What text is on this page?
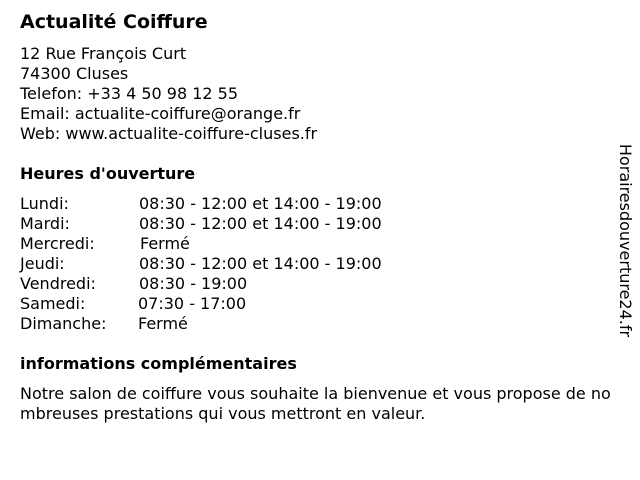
Actualité Coiffure
12 Rue François Curt
74300 Cluses
Telefon: +33 4 50 98 12 55
Email: actualite-coiffure@orange.fr
Web: www.actualite-coiffure-cluses.fr
Heures d'ouverture
Lundi:	08:30 - 12:00 et 14:00 - 19:00
Mardi:	08:30 - 12:00 et 14:00 - 19:00
Mercredi:	Fermé
Jeudi:	08:30 - 12:00 et 14:00 - 19:00
Vendredi:	08:30 - 19:00
Samedi:	07:30 - 17:00
Dimanche:	Fermé
informations complémentaires
Notre salon de coiffure vous souhaite la bienvenue et vous propose de nombreuses prestations qui vous mettront en valeur.
Horairesdouverture24.fr
